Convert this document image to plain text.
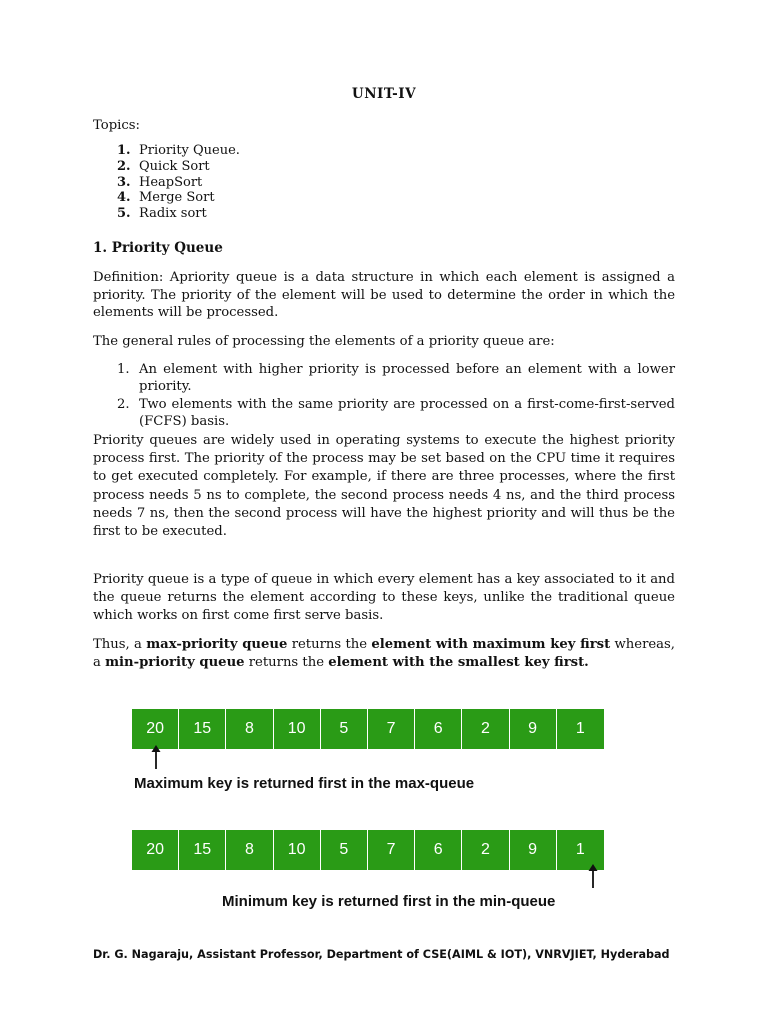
UNIT-IV

Topics:

1. Priority Queue.
2. Quick Sort
3. HeapSort
4. Merge Sort
5. Radix sort

1. Priority Queue

Definition: Apriority queue is a data structure in which each element is assigned a priority. The priority of the element will be used to determine the order in which the elements will be processed.

The general rules of processing the elements of a priority queue are:

1. An element with higher priority is processed before an element with a lower priority.
2. Two elements with the same priority are processed on a first-come-first-served (FCFS) basis.

Priority queues are widely used in operating systems to execute the highest priority process first. The priority of the process may be set based on the CPU time it requires to get executed completely. For example, if there are three processes, where the first process needs 5 ns to complete, the second process needs 4 ns, and the third process needs 7 ns, then the second process will have the highest priority and will thus be the first to be executed.

Priority queue is a type of queue in which every element has a key associated to it and the queue returns the element according to these keys, unlike the traditional queue which works on first come first serve basis.

Thus, a max-priority queue returns the element with maximum key first whereas, a min-priority queue returns the element with the smallest key first.

20	15	8	10	5	7	6	2	9	1
Maximum key is returned first in the max-queue
20	15	8	10	5	7	6	2	9	1
Minimum key is returned first in the min-queue
Dr. G. Nagaraju, Assistant Professor, Department of CSE(AIML & IOT), VNRVJIET, Hyderabad
